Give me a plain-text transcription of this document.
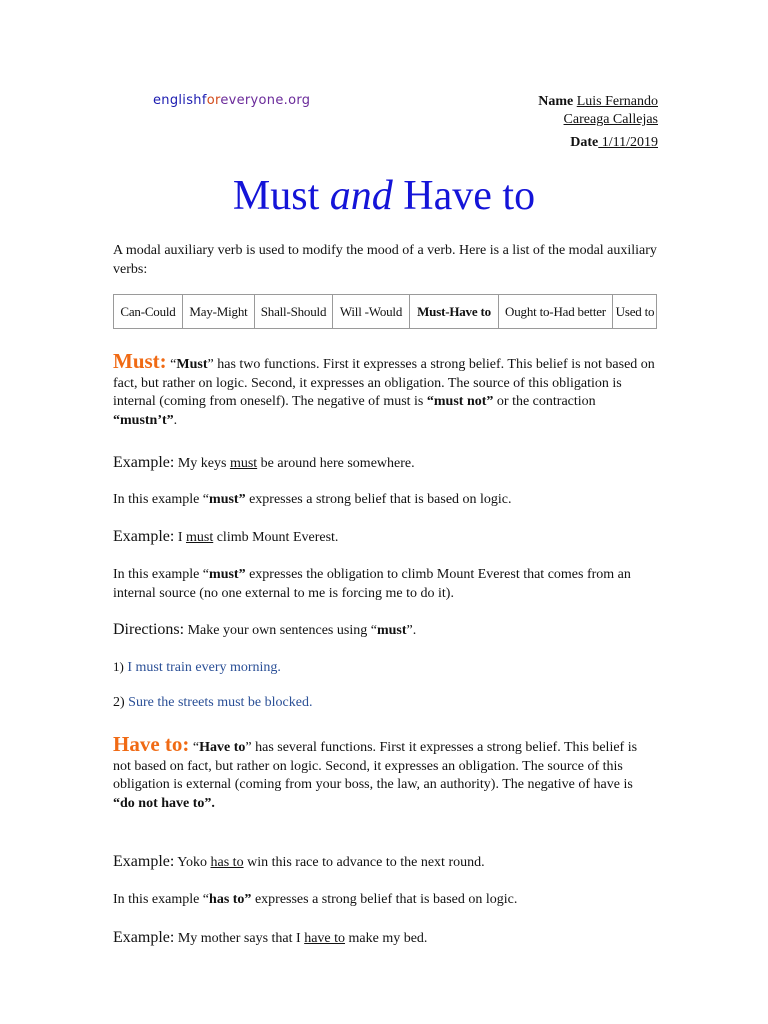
englishforeveryone.org	Name Luis Fernando
Careaga Callejas
Date 1/11/2019
Must and Have to
A modal auxiliary verb is used to modify the mood of a verb. Here is a list of the modal auxiliary verbs:
Can-Could	May-Might	Shall-Should	Will -Would	Must-Have to	Ought to-Had better Used to
Must: “Must” has two functions. First it expresses a strong belief. This belief is not based on fact, but rather on logic. Second, it expresses an obligation. The source of this obligation is internal (coming from oneself). The negative of must is “must not” or the contraction “mustn’t”.
Example: My keys must be around here somewhere.
In this example “must” expresses a strong belief that is based on logic.
Example: I must climb Mount Everest.
In this example “must” expresses the obligation to climb Mount Everest that comes from an internal source (no one external to me is forcing me to do it).
Directions: Make your own sentences using “must”.
1) I must train every morning.
2) Sure the streets must be blocked.
Have to: “Have to” has several functions. First it expresses a strong belief. This belief is not based on fact, but rather on logic. Second, it expresses an obligation. The source of this obligation is external (coming from your boss, the law, an authority). The negative of have is “do not have to”.
Example: Yoko has to win this race to advance to the next round.
In this example “has to” expresses a strong belief that is based on logic.
Example: My mother says that I have to make my bed.
